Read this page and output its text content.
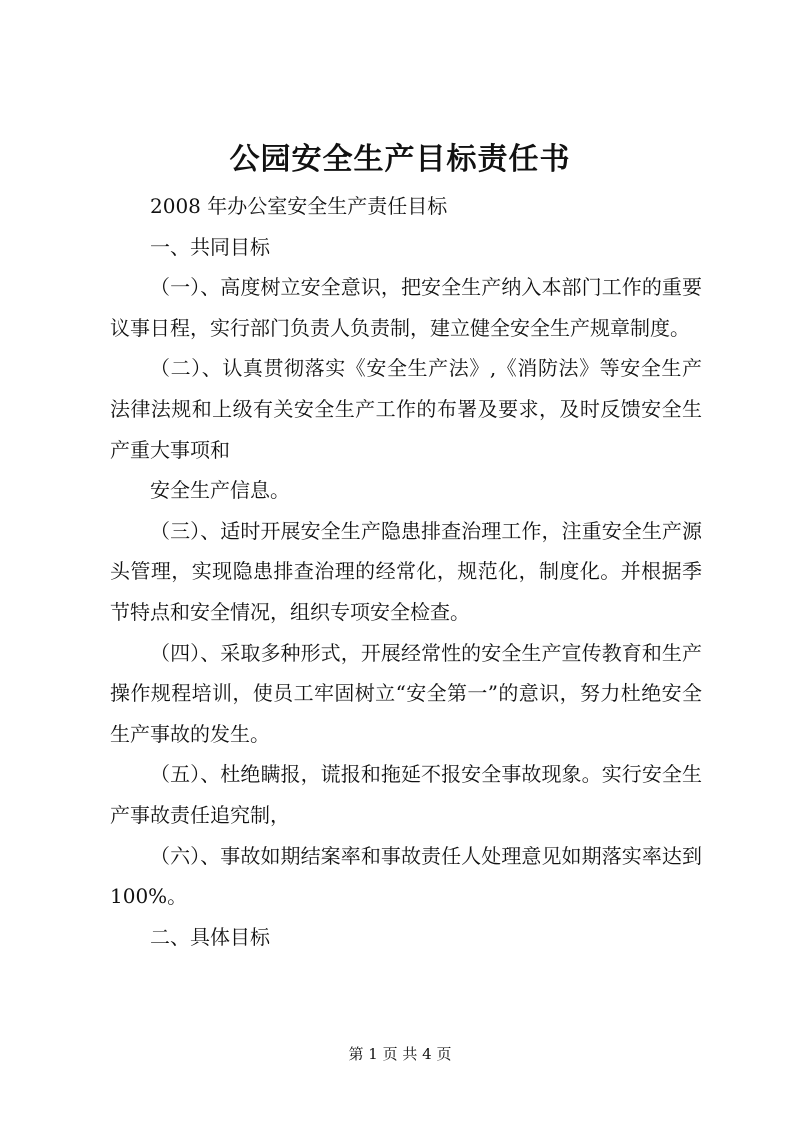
公园安全生产目标责任书

2008 年办公室安全生产责任目标

一、共同目标

（一）、高度树立安全意识，把安全生产纳入本部门工作的重要议事日程，实行部门负责人负责制，建立健全安全生产规章制度。

（二）、认真贯彻落实《安全生产法》,《消防法》等安全生产法律法规和上级有关安全生产工作的布署及要求，及时反馈安全生产重大事项和

安全生产信息。

（三）、适时开展安全生产隐患排查治理工作，注重安全生产源头管理，实现隐患排查治理的经常化，规范化，制度化。并根据季节特点和安全情况，组织专项安全检查。

（四）、采取多种形式，开展经常性的安全生产宣传教育和生产操作规程培训，使员工牢固树立“安全第一”的意识，努力杜绝安全生产事故的发生。

（五）、杜绝瞒报，谎报和拖延不报安全事故现象。实行安全生产事故责任追究制，

（六）、事故如期结案率和事故责任人处理意见如期落实率达到 100%。

二、具体目标

第 1 页 共 4 页
